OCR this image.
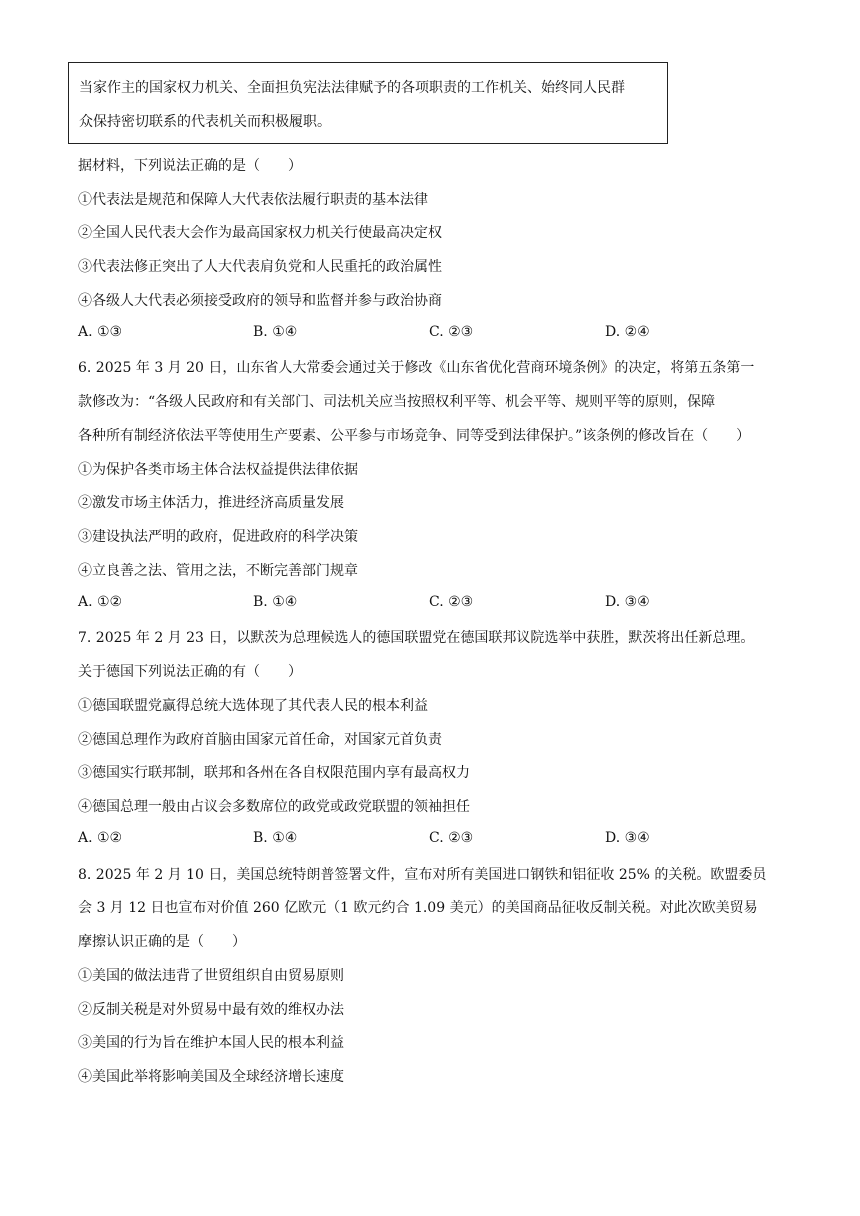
当家作主的国家权力机关、全面担负宪法法律赋予的各项职责的工作机关、始终同人民群
众保持密切联系的代表机关而积极履职。
据材料，下列说法正确的是（　　）
①代表法是规范和保障人大代表依法履行职责的基本法律
②全国人民代表大会作为最高国家权力机关行使最高决定权
③代表法修正突出了人大代表肩负党和人民重托的政治属性
④各级人大代表必须接受政府的领导和监督并参与政治协商
A. ①③	B. ①④	C. ②③	D. ②④
6. 2025 年 3 月 20 日，山东省人大常委会通过关于修改《山东省优化营商环境条例》的决定，将第五条第一
款修改为：“各级人民政府和有关部门、司法机关应当按照权利平等、机会平等、规则平等的原则，保障
各种所有制经济依法平等使用生产要素、公平参与市场竞争、同等受到法律保护。”该条例的修改旨在（　　）
①为保护各类市场主体合法权益提供法律依据
②激发市场主体活力，推进经济高质量发展
③建设执法严明的政府，促进政府的科学决策
④立良善之法、管用之法，不断完善部门规章
A. ①②	B. ①④	C. ②③	D. ③④
7. 2025 年 2 月 23 日，以默茨为总理候选人的德国联盟党在德国联邦议院选举中获胜，默茨将出任新总理。
关于德国下列说法正确的有（　　）
①德国联盟党赢得总统大选体现了其代表人民的根本利益
②德国总理作为政府首脑由国家元首任命，对国家元首负责
③德国实行联邦制，联邦和各州在各自权限范围内享有最高权力
④德国总理一般由占议会多数席位的政党或政党联盟的领袖担任
A. ①②	B. ①④	C. ②③	D. ③④
8. 2025 年 2 月 10 日，美国总统特朗普签署文件，宣布对所有美国进口钢铁和铝征收 25% 的关税。欧盟委员
会 3 月 12 日也宣布对价值 260 亿欧元（1 欧元约合 1.09 美元）的美国商品征收反制关税。对此次欧美贸易
摩擦认识正确的是（　　）
①美国的做法违背了世贸组织自由贸易原则
②反制关税是对外贸易中最有效的维权办法
③美国的行为旨在维护本国人民的根本利益
④美国此举将影响美国及全球经济增长速度
